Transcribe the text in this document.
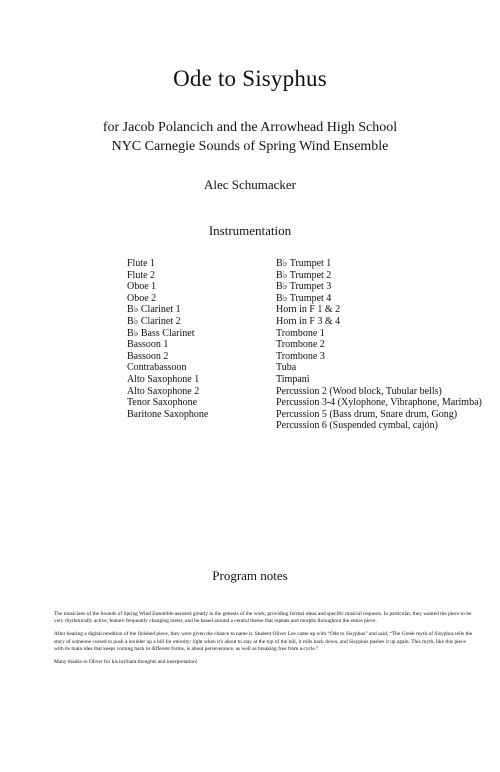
Ode to Sisyphus
for Jacob Polancich and the Arrowhead High School
NYC Carnegie Sounds of Spring Wind Ensemble
Alec Schumacker
Instrumentation
Flute 1
Flute 2
Oboe 1
Oboe 2
B♭ Clarinet 1
B♭ Clarinet 2
B♭ Bass Clarinet
Bassoon 1
Bassoon 2
Contrabassoon
Alto Saxophone 1
Alto Saxophone 2
Tenor Saxophone
Baritone Saxophone
B♭ Trumpet 1
B♭ Trumpet 2
B♭ Trumpet 3
B♭ Trumpet 4
Horn in F 1 & 2
Horn in F 3 & 4
Trombone 1
Trombone 2
Trombone 3
Tuba
Timpani
Percussion 2 (Wood block, Tubular bells)
Percussion 3-4 (Xylophone, Vibraphone, Marimba)
Percussion 5 (Bass drum, Snare drum, Gong)
Percussion 6 (Suspended cymbal, cajón)
Program notes

The musicians of the Sounds of Spring Wind Ensemble assisted greatly in the genesis of the work, providing formal ideas and specific musical requests. In particular, they wanted the piece to be very rhythmically active, feature frequently changing meter, and be based around a central theme that repeats and morphs throughout the entire piece.

After hearing a digital rendition of the finished piece, they were given the chance to name it. Student Oliver Lee came up with “Ode to Sisyphus” and said, “The Greek myth of Sisyphus tells the story of someone cursed to push a boulder up a hill for eternity: right when it's about to stay at the top of the hill, it rolls back down, and Sisyphus pushes it up again. This myth, like this piece with its main idea that keeps coming back in different forms, is about perseverance, as well as breaking free from a cycle.”

Many thanks to Oliver for his brilliant thoughts and interpretation!
